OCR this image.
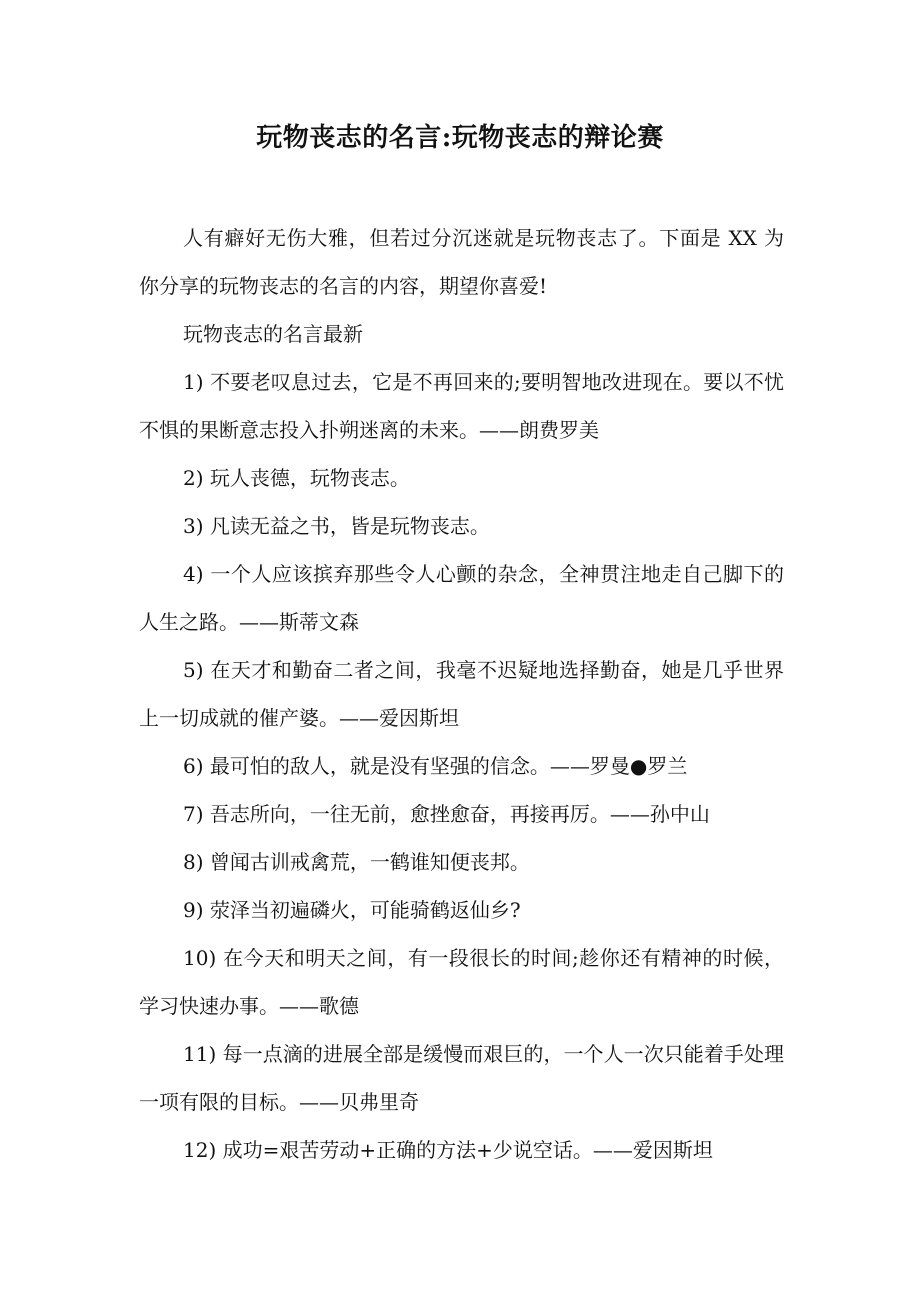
玩物丧志的名言:玩物丧志的辩论赛

人有癖好无伤大雅，但若过分沉迷就是玩物丧志了。下面是 XX 为你分享的玩物丧志的名言的内容，期望你喜爱!

玩物丧志的名言最新

1) 不要老叹息过去，它是不再回来的;要明智地改进现在。要以不忧不惧的果断意志投入扑朔迷离的未来。——朗费罗美

2) 玩人丧德，玩物丧志。

3) 凡读无益之书，皆是玩物丧志。

4) 一个人应该摈弃那些令人心颤的杂念，全神贯注地走自己脚下的人生之路。——斯蒂文森

5) 在天才和勤奋二者之间，我毫不迟疑地选择勤奋，她是几乎世界上一切成就的催产婆。——爱因斯坦

6) 最可怕的敌人，就是没有坚强的信念。——罗曼●罗兰

7) 吾志所向，一往无前，愈挫愈奋，再接再厉。——孙中山

8) 曾闻古训戒禽荒，一鹤谁知便丧邦。

9) 荥泽当初遍磷火，可能骑鹤返仙乡?

10) 在今天和明天之间，有一段很长的时间;趁你还有精神的时候，学习快速办事。——歌德

11) 每一点滴的进展全部是缓慢而艰巨的，一个人一次只能着手处理一项有限的目标。——贝弗里奇

12) 成功=艰苦劳动+正确的方法+少说空话。——爱因斯坦
